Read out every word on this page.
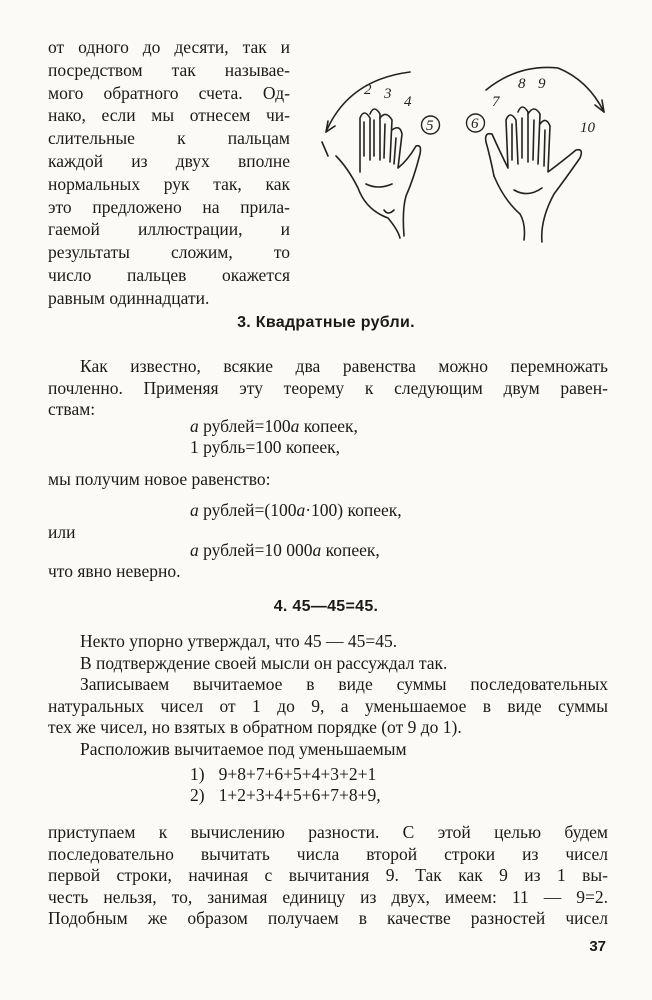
от одного до десяти, так и
посредством так называе-
мого обратного счета. Од-
нако, если мы отнесем чи-
слительные к пальцам
каждой из двух вполне
нормальных рук так, как
это предложено на прила-
гаемой иллюстрации, и
результаты сложим, то
число пальцев окажется
равным одиннадцати.
2 3 4
5	6
7
8 9
10
3. Квадратные рубли.
Как известно, всякие два равенства можно перемножать
почленно. Применяя эту теорему к следующим двум равен-
ствам:
a рублей=100a копеек,
1 рубль=100 копеек,
мы получим новое равенство:
a рублей=(100a·100) копеек,
или
a рублей=10 000a копеек,
что явно неверно.
4. 45—45=45.
Некто упорно утверждал, что 45 — 45=45.
В подтверждение своей мысли он рассуждал так.
Записываем вычитаемое в виде суммы последовательных
натуральных чисел от 1 до 9, а уменьшаемое в виде суммы
тех же чисел, но взятых в обратном порядке (от 9 до 1).
Расположив вычитаемое под уменьшаемым
1) 9+8+7+6+5+4+3+2+1
2) 1+2+3+4+5+6+7+8+9,
приступаем к вычислению разности. С этой целью будем
последовательно вычитать числа второй строки из чисел
первой строки, начиная с вычитания 9. Так как 9 из 1 вы-
честь нельзя, то, занимая единицу из двух, имеем: 11 — 9=2.
Подобным же образом получаем в качестве разностей чисел
37
